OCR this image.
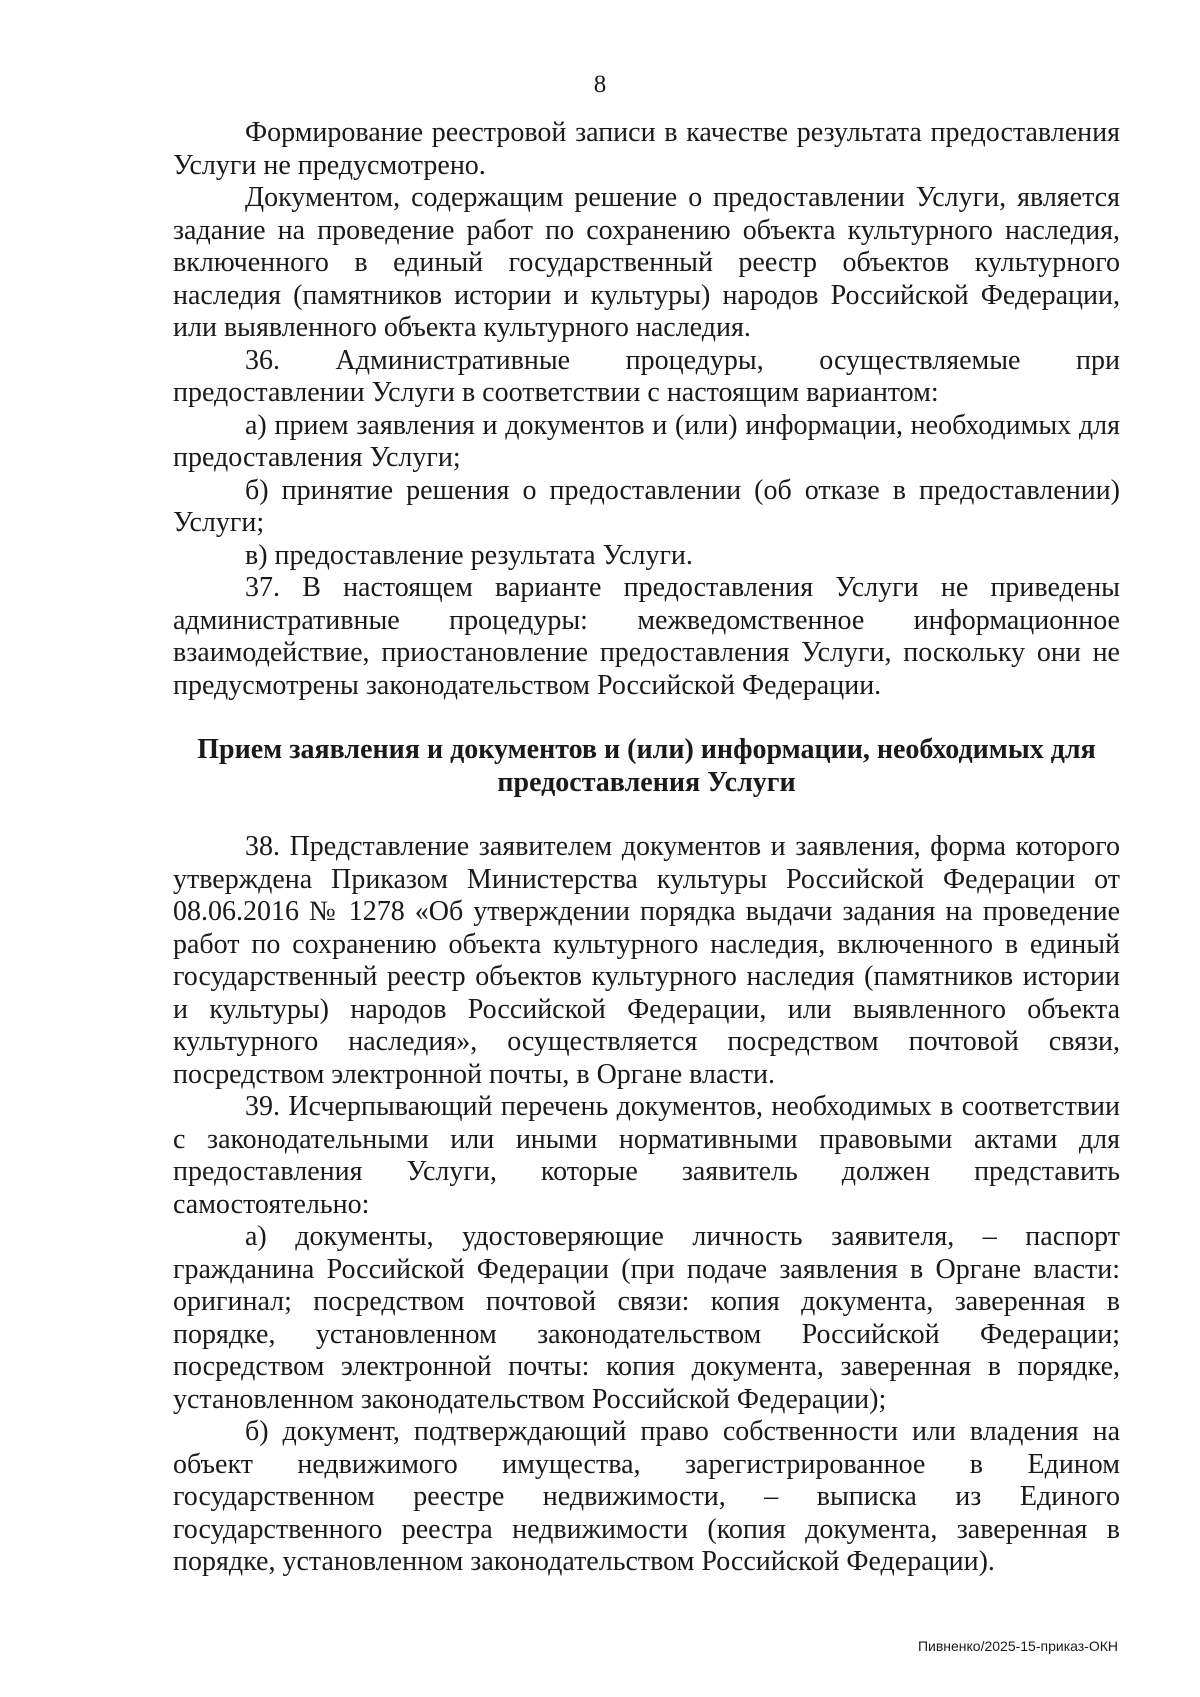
8

Формирование реестровой записи в качестве результата предоставления Услуги не предусмотрено.

Документом, содержащим решение о предоставлении Услуги, является задание на проведение работ по сохранению объекта культурного наследия, включенного в единый государственный реестр объектов культурного наследия (памятников истории и культуры) народов Российской Федерации, или выявленного объекта культурного наследия.

36. Административные процедуры, осуществляемые при предоставлении Услуги в соответствии с настоящим вариантом:

а) прием заявления и документов и (или) информации, необходимых для предоставления Услуги;

б) принятие решения о предоставлении (об отказе в предоставлении) Услуги;

в) предоставление результата Услуги.

37. В настоящем варианте предоставления Услуги не приведены административные процедуры: межведомственное информационное взаимодействие, приостановление предоставления Услуги, поскольку они не предусмотрены законодательством Российской Федерации.

Прием заявления и документов и (или) информации, необходимых для
предоставления Услуги

38. Представление заявителем документов и заявления, форма которого утверждена Приказом Министерства культуры Российской Федерации от 08.06.2016 № 1278 «Об утверждении порядка выдачи задания на проведение работ по сохранению объекта культурного наследия, включенного в единый государственный реестр объектов культурного наследия (памятников истории и культуры) народов Российской Федерации, или выявленного объекта культурного наследия», осуществляется посредством почтовой связи, посредством электронной почты, в Органе власти.

39. Исчерпывающий перечень документов, необходимых в соответствии с законодательными или иными нормативными правовыми актами для предоставления Услуги, которые заявитель должен представить самостоятельно:

а) документы, удостоверяющие личность заявителя, – паспорт гражданина Российской Федерации (при подаче заявления в Органе власти: оригинал; посредством почтовой связи: копия документа, заверенная в порядке, установленном законодательством Российской Федерации; посредством электронной почты: копия документа, заверенная в порядке, установленном законодательством Российской Федерации);

б) документ, подтверждающий право собственности или владения на объект недвижимого имущества, зарегистрированное в Едином государственном реестре недвижимости, – выписка из Единого государственного реестра недвижимости (копия документа, заверенная в порядке, установленном законодательством Российской Федерации).

Пивненко/2025-15-приказ-ОКН
